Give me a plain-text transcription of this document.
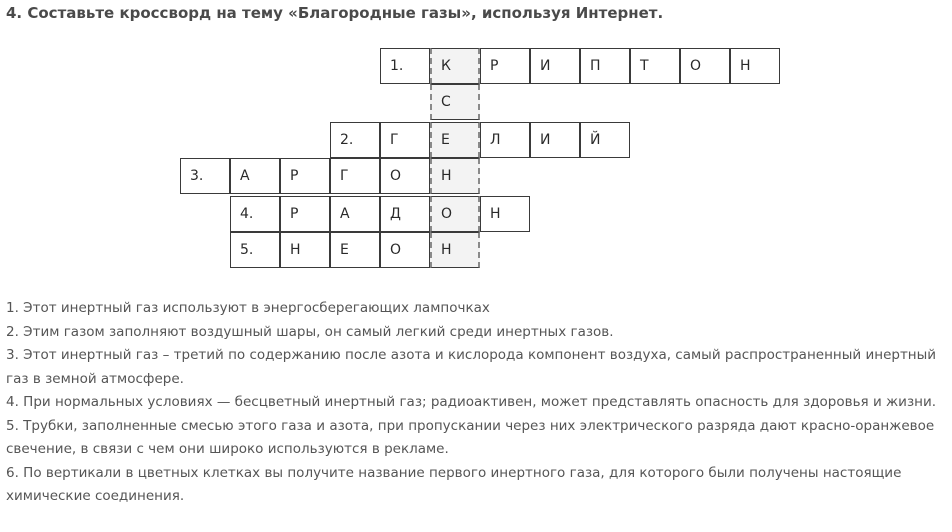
4. Составьте кроссворд на тему «Благородные газы», используя Интернет.
1.	К	Р	И	П	Т	О	Н
С
2.	Г	Е	Л	И	Й
3.	А	Р	Г	О	Н
4.	Р	А	Д	О	Н
5.	Н	Е	О	Н

1. Этот инертный газ используют в энергосберегающих лампочках

2. Этим газом заполняют воздушный шары, он самый легкий среди инертных газов.

3. Этот инертный газ – третий по содержанию после азота и кислорода компонент воздуха, самый распространенный инертный газ в земной атмосфере.

4. При нормальных условиях — бесцветный инертный газ; радиоактивен, может представлять опасность для здоровья и жизни.

5. Трубки, заполненные смесью этого газа и азота, при пропускании через них электрического разряда дают красно-оранжевое свечение, в связи с чем они широко используются в рекламе.

6. По вертикали в цветных клетках вы получите название первого инертного газа, для которого были получены настоящие химические соединения.
